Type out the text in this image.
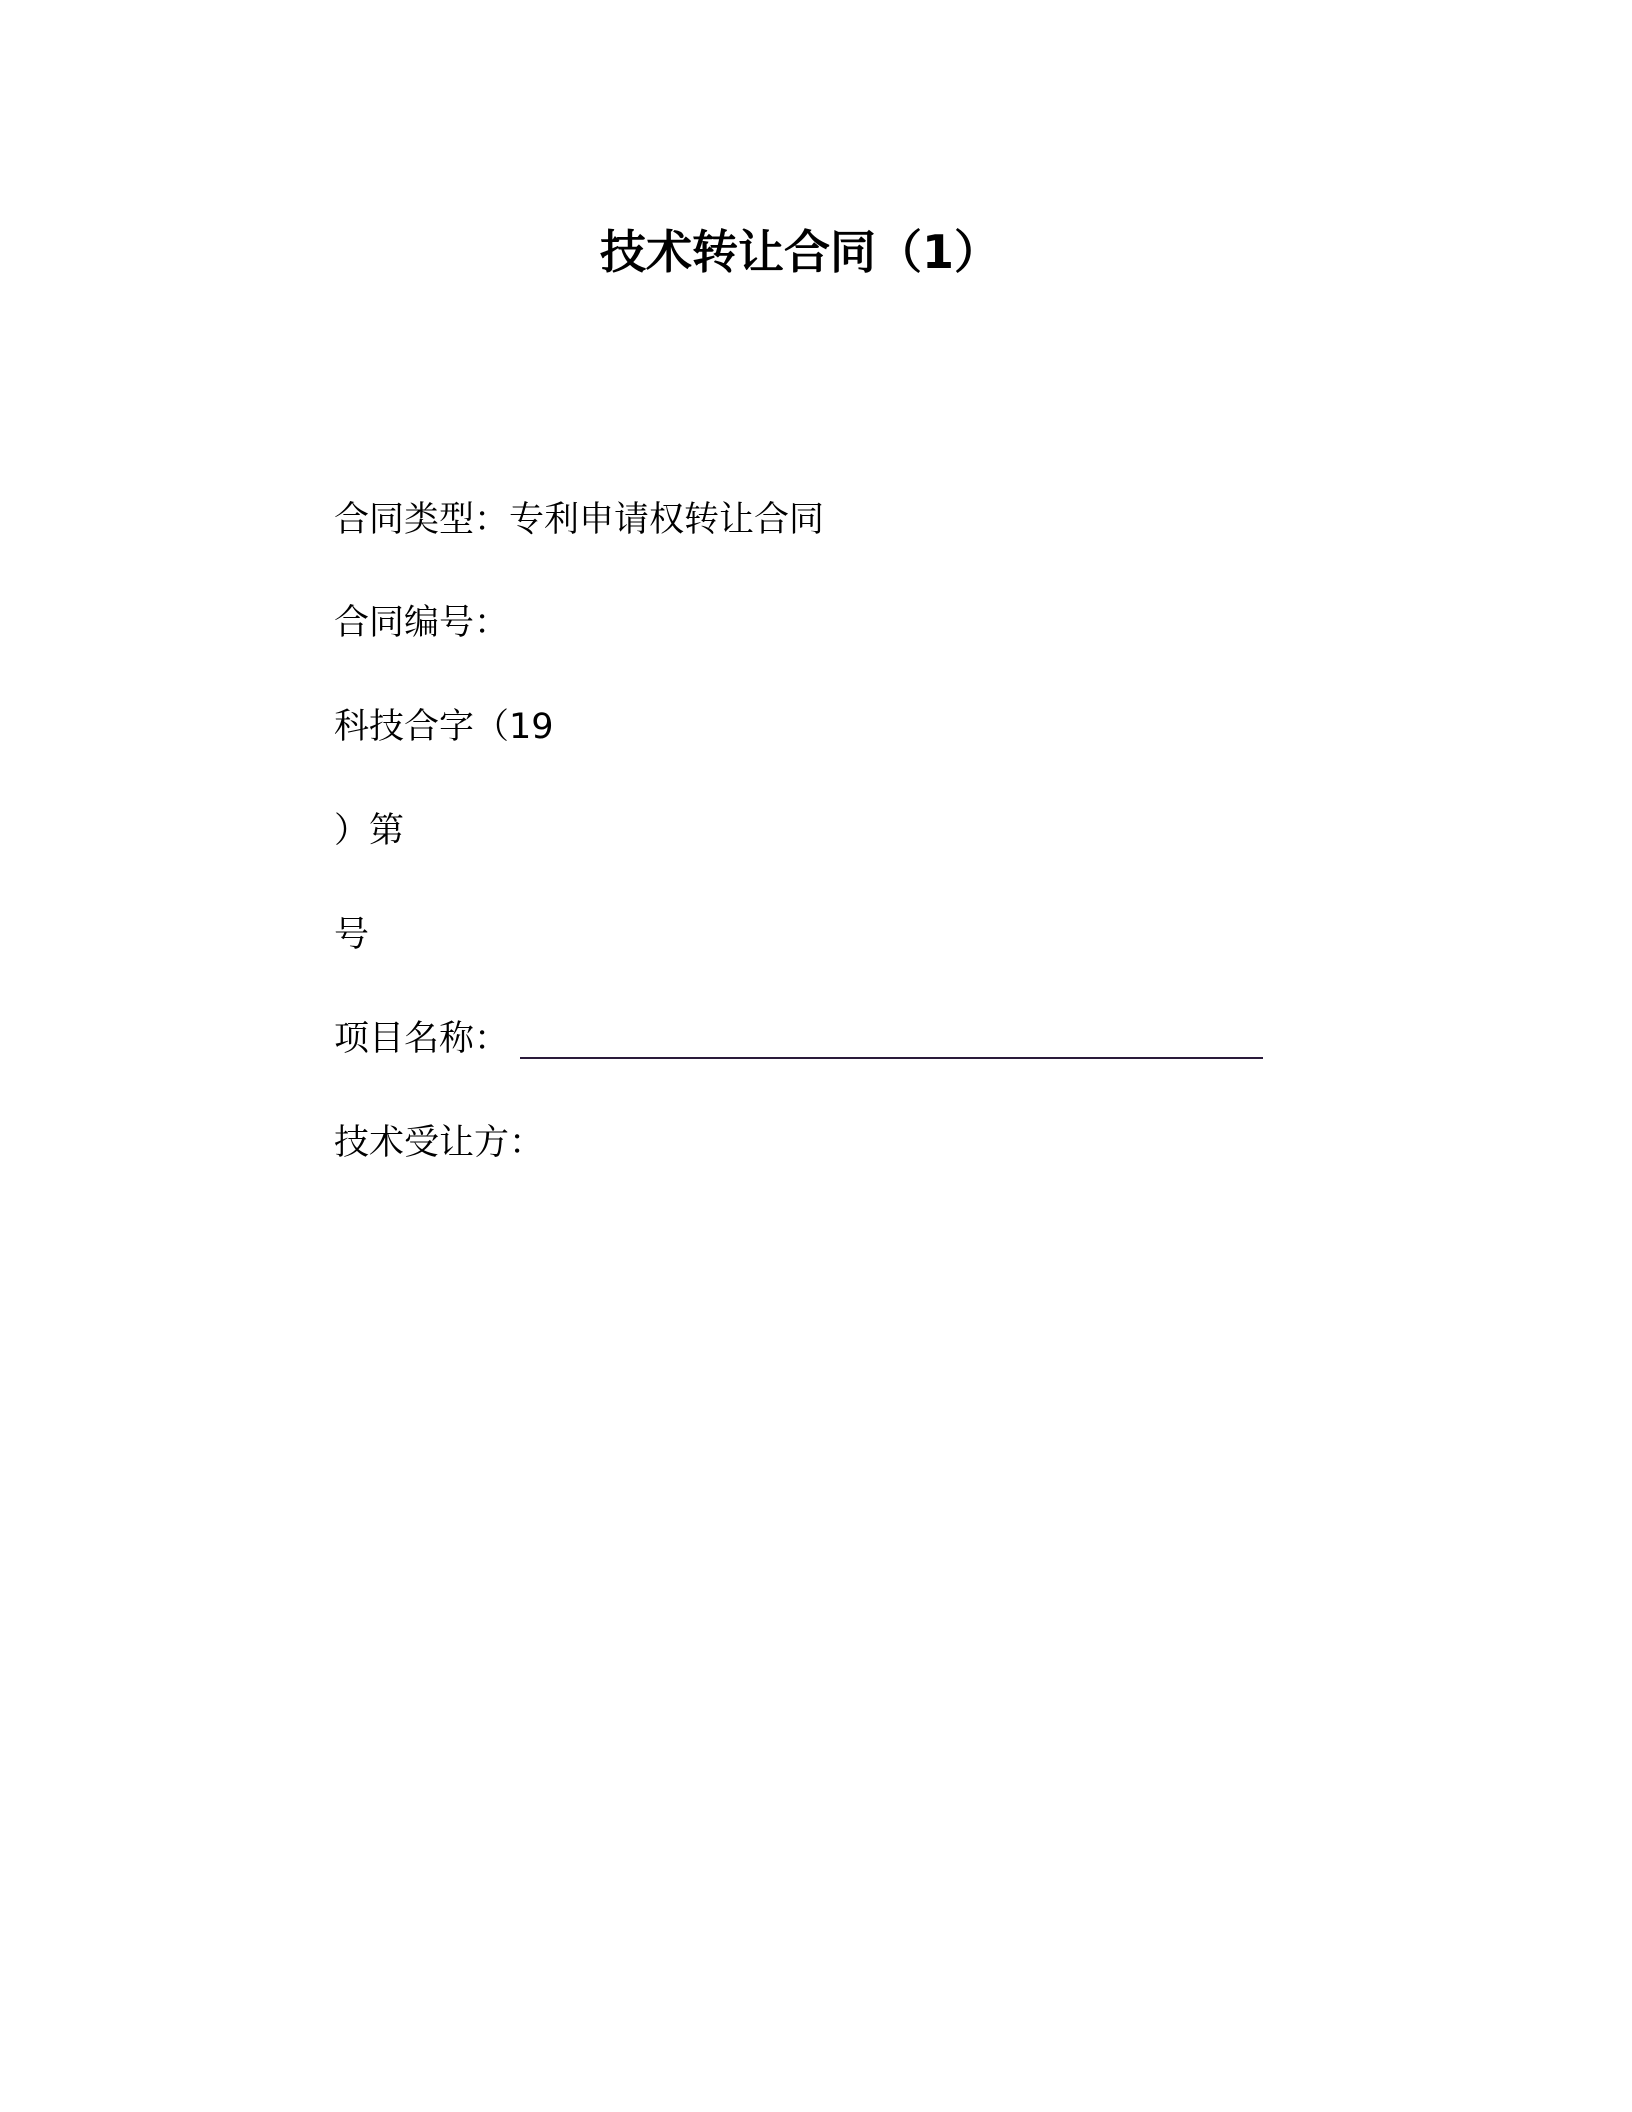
技术转让合同（1）
合同类型：专利申请权转让合同
合同编号：
科技合字（19
）第
号
项目名称：
技术受让方：
